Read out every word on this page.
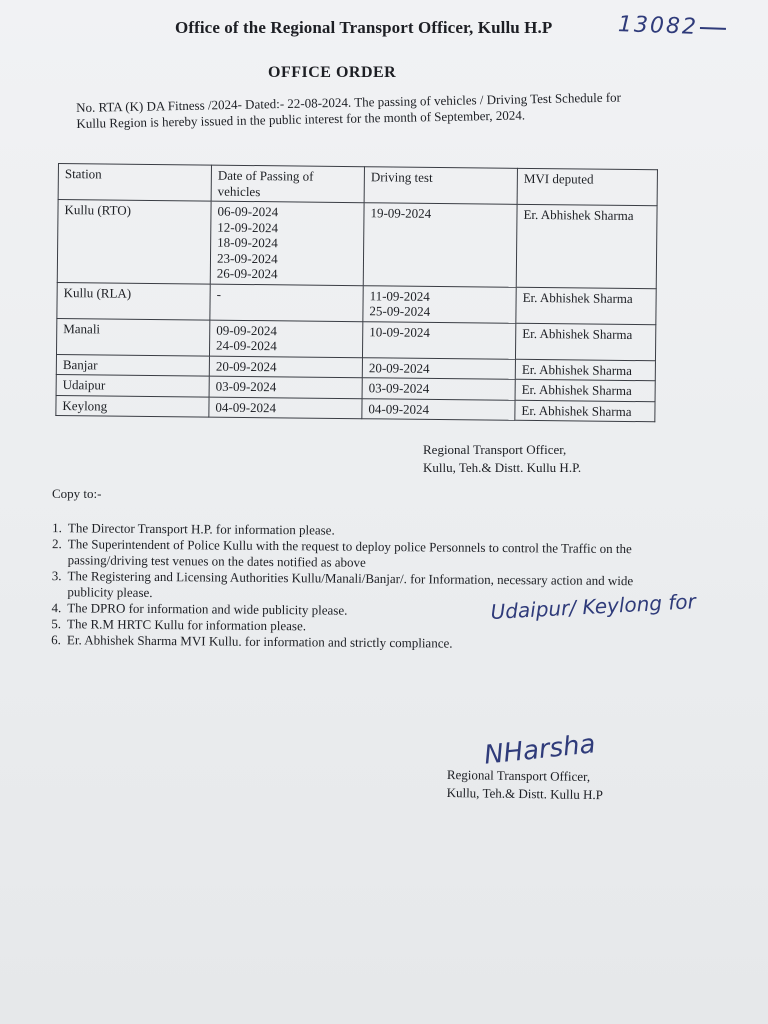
Office of the Regional Transport Officer, Kullu H.P	13082
OFFICE ORDER
No. RTA (K) DA Fitness /2024- Dated:- 22-08-2024. The passing of vehicles / Driving Test Schedule for Kullu Region is hereby issued in the public interest for the month of September, 2024.
Station	Date of Passing of vehicles	Driving test	MVI deputed
Kullu (RTO)	06-09-2024
12-09-2024
18-09-2024
23-09-2024
26-09-2024	19-09-2024	Er. Abhishek Sharma
Kullu (RLA)	-	11-09-2024
25-09-2024	Er. Abhishek Sharma
Manali	09-09-2024
24-09-2024	10-09-2024	Er. Abhishek Sharma
Banjar	20-09-2024	20-09-2024	Er. Abhishek Sharma
Udaipur	03-09-2024	03-09-2024	Er. Abhishek Sharma
Keylong	04-09-2024	04-09-2024	Er. Abhishek Sharma
Regional Transport Officer,
Kullu, Teh.& Distt. Kullu H.P.
Copy to:-
1. The Director Transport H.P. for information please.
2. The Superintendent of Police Kullu with the request to deploy police Personnels to control the Traffic on the passing/driving test venues on the dates notified as above
3. The Registering and Licensing Authorities Kullu/Manali/Banjar/. for Information, necessary action and wide publicity please.
4. The DPRO for information and wide publicity please.
5. The R.M HRTC Kullu for information please.
6. Er. Abhishek Sharma MVI Kullu. for information and strictly compliance.
Udaipur/ Keylong for
NHarsha
Regional Transport Officer,
Kullu, Teh.& Distt. Kullu H.P
